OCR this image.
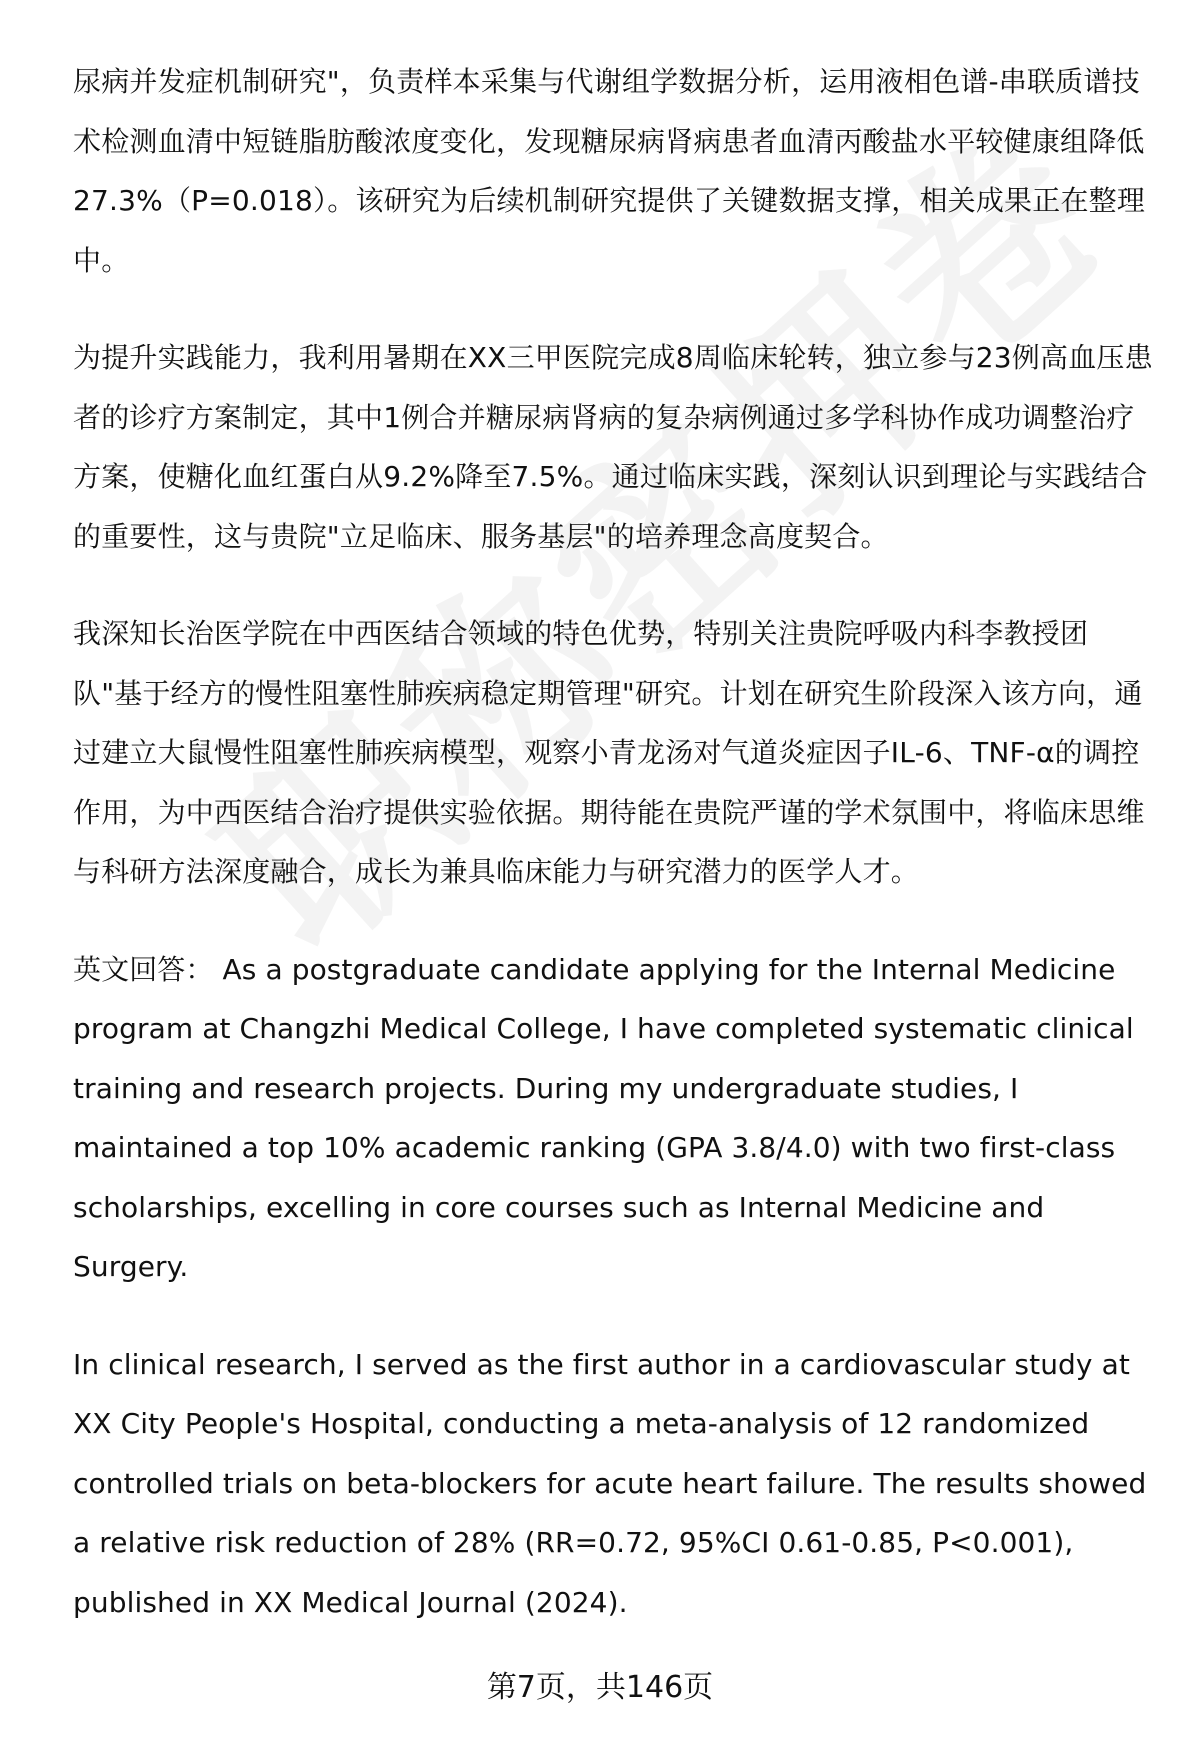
尿病并发症机制研究"，负责样本采集与代谢组学数据分析，运用液相色谱-串联质谱技术检测血清中短链脂肪酸浓度变化，发现糖尿病肾病患者血清丙酸盐水平较健康组降低27.3%（P=0.018）。该研究为后续机制研究提供了关键数据支撑，相关成果正在整理中。

为提升实践能力，我利用暑期在XX三甲医院完成8周临床轮转，独立参与23例高血压患者的诊疗方案制定，其中1例合并糖尿病肾病的复杂病例通过多学科协作成功调整治疗方案，使糖化血红蛋白从9.2%降至7.5%。通过临床实践，深刻认识到理论与实践结合的重要性，这与贵院"立足临床、服务基层"的培养理念高度契合。

我深知长治医学院在中西医结合领域的特色优势，特别关注贵院呼吸内科李教授团队"基于经方的慢性阻塞性肺疾病稳定期管理"研究。计划在研究生阶段深入该方向，通过建立大鼠慢性阻塞性肺疾病模型，观察小青龙汤对气道炎症因子IL-6、TNF-α的调控作用，为中西医结合治疗提供实验依据。期待能在贵院严谨的学术氛围中，将临床思维与科研方法深度融合，成长为兼具临床能力与研究潜力的医学人才。

英文回答： As a postgraduate candidate applying for the Internal Medicine program at Changzhi Medical College, I have completed systematic clinical training and research projects. During my undergraduate studies, I maintained a top 10% academic ranking (GPA 3.8/4.0) with two first-class scholarships, excelling in core courses such as Internal Medicine and Surgery.

In clinical research, I served as the first author in a cardiovascular study at XX City People's Hospital, conducting a meta-analysis of 12 randomized controlled trials on beta-blockers for acute heart failure. The results showed a relative risk reduction of 28% (RR=0.72, 95%CI 0.61-0.85, P<0.001), published in XX Medical Journal (2024).

第7页，共146页
